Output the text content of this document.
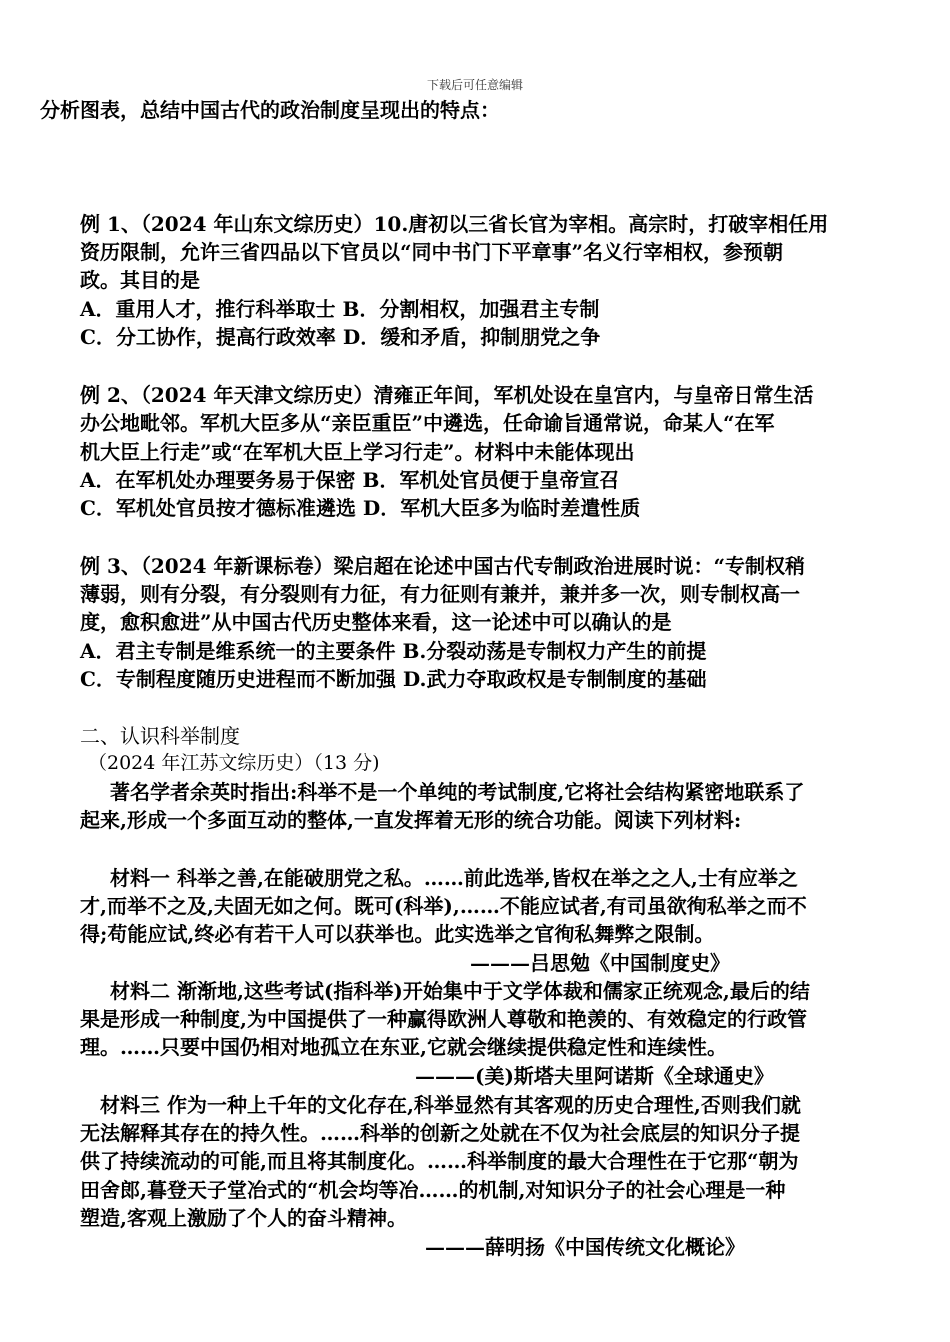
下载后可任意编辑
分析图表，总结中国古代的政治制度呈现出的特点：
例 1、（2024 年山东文综历史）10.唐初以三省长官为宰相。高宗时，打破宰相任用
资历限制，允许三省四品以下官员以“同中书门下平章事”名义行宰相权，参预朝
政。其目的是
A．重用人才，推行科举取士 B．分割相权，加强君主专制
C．分工协作，提高行政效率 D．缓和矛盾，抑制朋党之争
例 2、（2024 年天津文综历史）清雍正年间，军机处设在皇宫内，与皇帝日常生活
办公地毗邻。军机大臣多从“亲臣重臣”中遴选，任命谕旨通常说，命某人“在军
机大臣上行走”或“在军机大臣上学习行走”。材料中未能体现出
A．在军机处办理要务易于保密 B．军机处官员便于皇帝宣召
C．军机处官员按才德标准遴选 D．军机大臣多为临时差遣性质
例 3、（2024 年新课标卷）梁启超在论述中国古代专制政治进展时说：“专制权稍
薄弱，则有分裂，有分裂则有力征，有力征则有兼并，兼并多一次，则专制权高一
度，愈积愈进”从中国古代历史整体来看，这一论述中可以确认的是
A．君主专制是维系统一的主要条件 B.分裂动荡是专制权力产生的前提
C．专制程度随历史进程而不断加强 D.武力夺取政权是专制制度的基础
二、认识科举制度
（2024 年江苏文综历史）（13 分)
著名学者余英时指出:科举不是一个单纯的考试制度,它将社会结构紧密地联系了
起来,形成一个多面互动的整体,一直发挥着无形的统合功能。阅读下列材料:
材料一 科举之善,在能破朋党之私。……前此选举,皆权在举之之人,士有应举之
才,而举不之及,夫固无如之何。既可(科举),……不能应试者,有司虽欲徇私举之而不
得;苟能应试,终必有若干人可以获举也。此实选举之官徇私舞弊之限制。
———吕思勉《中国制度史》
材料二 渐渐地,这些考试(指科举)开始集中于文学体裁和儒家正统观念,最后的结
果是形成一种制度,为中国提供了一种赢得欧洲人尊敬和艳羡的、有效稳定的行政管
理。……只要中国仍相对地孤立在东亚,它就会继续提供稳定性和连续性。
———(美)斯塔夫里阿诺斯《全球通史》
材料三 作为一种上千年的文化存在,科举显然有其客观的历史合理性,否则我们就
无法解释其存在的持久性。……科举的创新之处就在不仅为社会底层的知识分子提
供了持续流动的可能,而且将其制度化。……科举制度的最大合理性在于它那“朝为
田舍郎,暮登天子堂冶式的“机会均等冶……的机制,对知识分子的社会心理是一种
塑造,客观上激励了个人的奋斗精神。
———薛明扬《中国传统文化概论》
